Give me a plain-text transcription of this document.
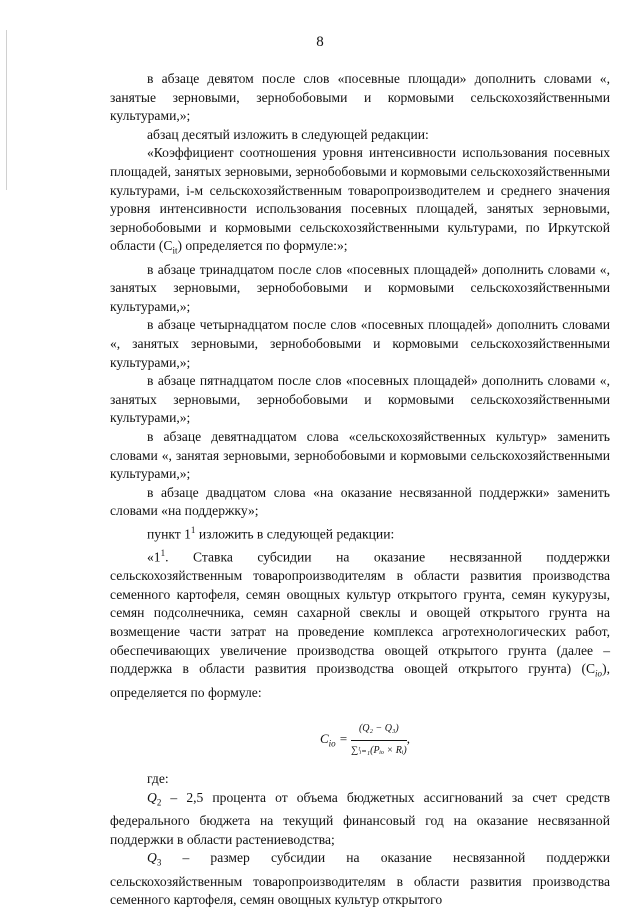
8

в абзаце девятом после слов «посевные площади» дополнить словами «, занятые зерновыми, зернобобовыми и кормовыми сельскохозяйственными культурами,»;

абзац десятый изложить в следующей редакции:

«Коэффициент соотношения уровня интенсивности использования посевных площадей, занятых зерновыми, зернобобовыми и кормовыми сельскохозяйственными культурами, i-м сельскохозяйственным товаропроизводителем и среднего значения уровня интенсивности использования посевных площадей, занятых зерновыми, зернобобовыми и кормовыми сельскохозяйственными культурами, по Иркутской области $(C_{it})$ определяется по формуле:»;

в абзаце тринадцатом после слов «посевных площадей» дополнить словами «, занятых зерновыми, зернобобовыми и кормовыми сельскохозяйственными культурами,»;

в абзаце четырнадцатом после слов «посевных площадей» дополнить словами «, занятых зерновыми, зернобобовыми и кормовыми сельскохозяйственными культурами,»;

в абзаце пятнадцатом после слов «посевных площадей» дополнить словами «, занятых зерновыми, зернобобовыми и кормовыми сельскохозяйственными культурами,»;

в абзаце девятнадцатом слова «сельскохозяйственных культур» заменить словами «, занятая зерновыми, зернобобовыми и кормовыми сельскохозяйственными культурами,»;

в абзаце двадцатом слова «на оказание несвязанной поддержки» заменить словами «на поддержку»;

пункт $1^1$ изложить в следующей редакции:

«$1^1$. Ставка субсидии на оказание несвязанной поддержки сельскохозяйственным товаропроизводителям в области развития производства семенного картофеля, семян овощных культур открытого грунта, семян кукурузы, семян подсолнечника, семян сахарной свеклы и овощей открытого грунта на возмещение части затрат на проведение комплекса агротехнологических работ, обеспечивающих увеличение производства овощей открытого грунта (далее – поддержка в области развития производства овощей открытого грунта) $(C_{io})$, определяется по формуле:

$C_{io} = \frac{\text{(Q₂ − Q₃)}}{\text{∑ᵗᵢ₌₁(Pᵢₒ × Rᵢ)}}$ ,

где:

$Q_2 - 2,5$ процента от объема бюджетных ассигнований за счет средств федерального бюджета на текущий финансовый год на оказание несвязанной поддержки в области растениеводства;

$Q_3$ – размер субсидии на оказание несвязанной поддержки сельскохозяйственным товаропроизводителям в области развития производства семенного картофеля, семян овощных культур открытого
